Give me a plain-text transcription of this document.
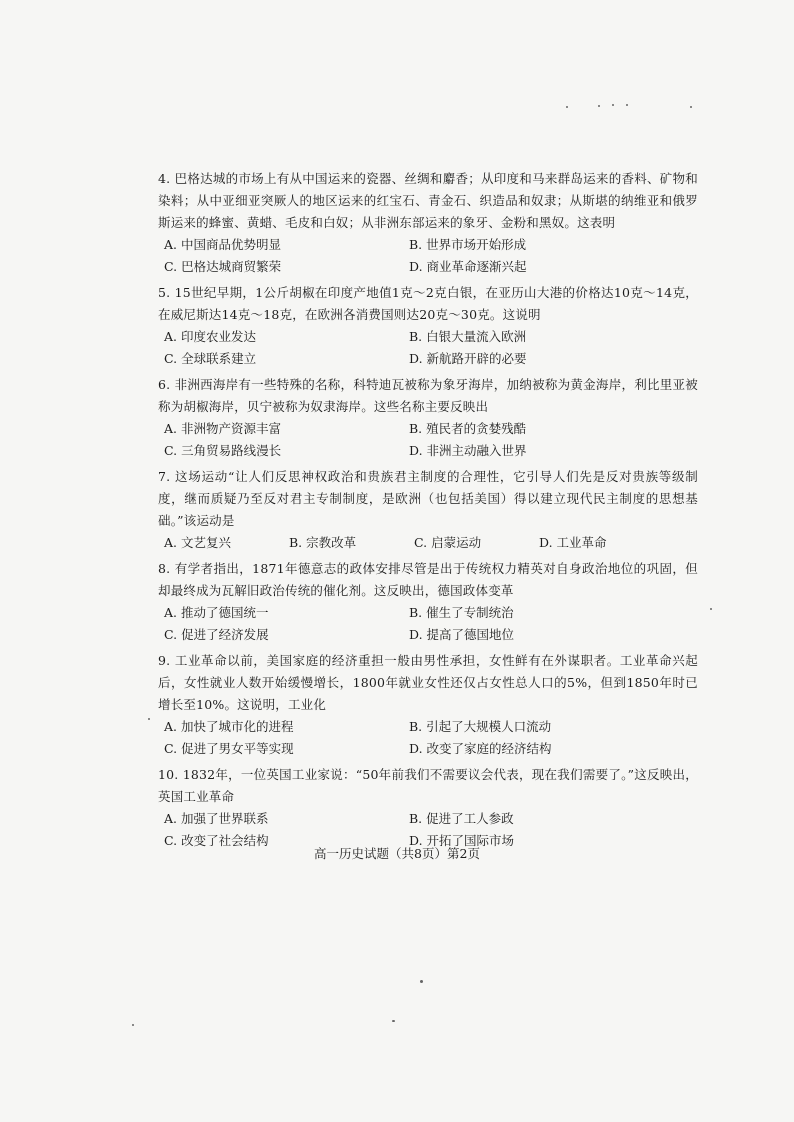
4. 巴格达城的市场上有从中国运来的瓷器、丝绸和麝香；从印度和马来群岛运来的香料、矿物和染料；从中亚细亚突厥人的地区运来的红宝石、青金石、织造品和奴隶；从斯堪的纳维亚和俄罗斯运来的蜂蜜、黄蜡、毛皮和白奴；从非洲东部运来的象牙、金粉和黑奴。这表明
A. 中国商品优势明显	B. 世界市场开始形成
C. 巴格达城商贸繁荣	D. 商业革命逐渐兴起
5. 15世纪早期，1公斤胡椒在印度产地值1克～2克白银，在亚历山大港的价格达10克～14克，在威尼斯达14克～18克，在欧洲各消费国则达20克～30克。这说明
A. 印度农业发达	B. 白银大量流入欧洲
C. 全球联系建立	D. 新航路开辟的必要
6. 非洲西海岸有一些特殊的名称，科特迪瓦被称为象牙海岸，加纳被称为黄金海岸，利比里亚被称为胡椒海岸，贝宁被称为奴隶海岸。这些名称主要反映出
A. 非洲物产资源丰富	B. 殖民者的贪婪残酷
C. 三角贸易路线漫长	D. 非洲主动融入世界
7. 这场运动“让人们反思神权政治和贵族君主制度的合理性，它引导人们先是反对贵族等级制度，继而质疑乃至反对君主专制制度，是欧洲（也包括美国）得以建立现代民主制度的思想基础。”该运动是
A. 文艺复兴	B. 宗教改革	C. 启蒙运动	D. 工业革命
8. 有学者指出，1871年德意志的政体安排尽管是出于传统权力精英对自身政治地位的巩固，但却最终成为瓦解旧政治传统的催化剂。这反映出，德国政体变革
A. 推动了德国统一	B. 催生了专制统治
C. 促进了经济发展	D. 提高了德国地位
9. 工业革命以前，美国家庭的经济重担一般由男性承担，女性鲜有在外谋职者。工业革命兴起后，女性就业人数开始缓慢增长，1800年就业女性还仅占女性总人口的5%，但到1850年时已增长至10%。这说明，工业化
A. 加快了城市化的进程	B. 引起了大规模人口流动
C. 促进了男女平等实现	D. 改变了家庭的经济结构
10. 1832年，一位英国工业家说：“50年前我们不需要议会代表，现在我们需要了。”这反映出，英国工业革命
A. 加强了世界联系	B. 促进了工人参政
C. 改变了社会结构	D. 开拓了国际市场
高一历史试题（共8页）第2页
